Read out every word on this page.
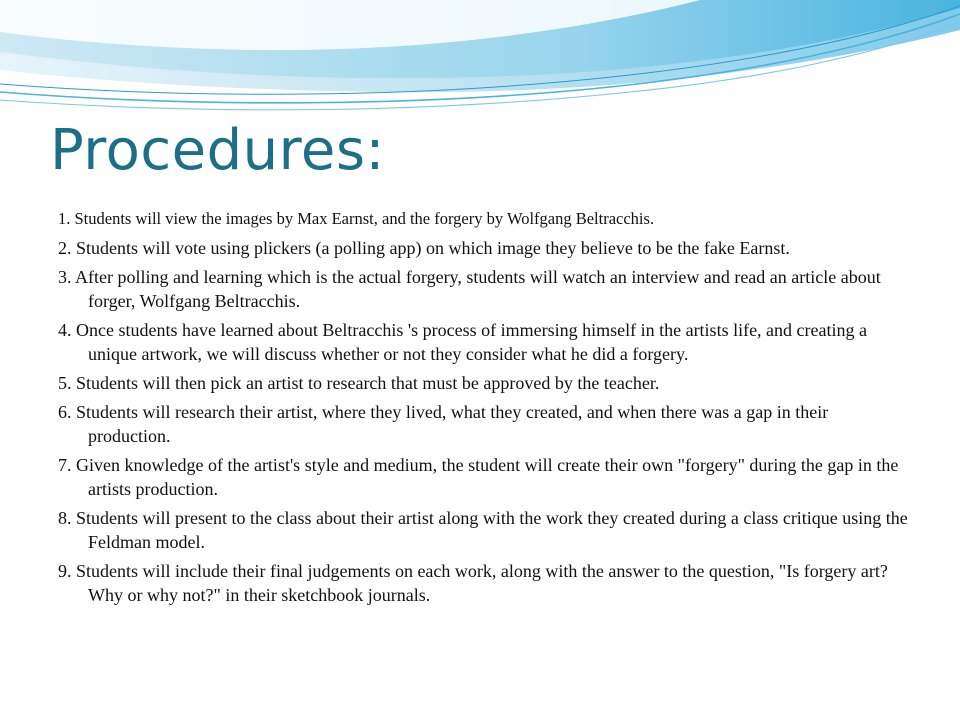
Procedures:
1. Students will view the images by Max Earnst, and the forgery by Wolfgang Beltracchis.
2. Students will vote using plickers (a polling app) on which image they believe to be the fake Earnst.
3. After polling and learning which is the actual forgery, students will watch an interview and read an article about forger, Wolfgang Beltracchis.
4. Once students have learned about Beltracchis 's process of immersing himself in the artists life, and creating a unique artwork, we will discuss whether or not they consider what he did a forgery.
5. Students will then pick an artist to research that must be approved by the teacher.
6. Students will research their artist, where they lived, what they created, and when there was a gap in their production.
7. Given knowledge of the artist's style and medium, the student will create their own "forgery" during the gap in the artists production.
8. Students will present to the class about their artist along with the work they created during a class critique using the Feldman model.
9. Students will include their final judgements on each work, along with the answer to the question, "Is forgery art? Why or why not?" in their sketchbook journals.
